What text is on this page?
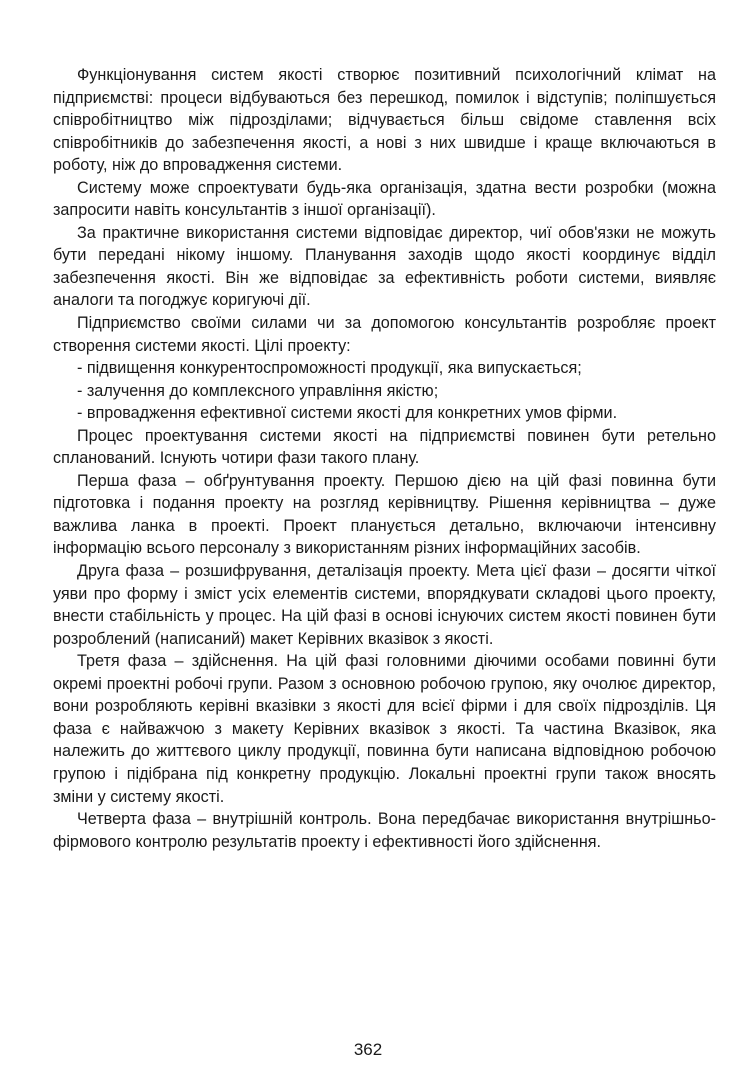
Функціонування систем якості створює позитивний психологічний клімат на підприємстві: процеси відбуваються без перешкод, помилок і відступів; поліпшується співробітництво між підрозділами; відчувається більш свідоме ставлення всіх співробітників до забезпечення якості, а нові з них швидше і краще включаються в роботу, ніж до впровадження системи.

Систему може спроектувати будь-яка організація, здатна вести розробки (можна запросити навіть консультантів з іншої організації).

За практичне використання системи відповідає директор, чиї обов'язки не можуть бути передані нікому іншому. Планування заходів щодо якості координує відділ забезпечення якості. Він же відповідає за ефективність роботи системи, виявляє аналоги та погоджує коригуючі дії.

Підприємство своїми силами чи за допомогою консультантів розробляє проект створення системи якості. Цілі проекту:

- підвищення конкурентоспроможності продукції, яка випускається;

- залучення до комплексного управління якістю;

- впровадження ефективної системи якості для конкретних умов фірми.

Процес проектування системи якості на підприємстві повинен бути ретельно спланований. Існують чотири фази такого плану.

Перша фаза – обґрунтування проекту. Першою дією на цій фазі повинна бути підготовка і подання проекту на розгляд керівництву. Рішення керівництва – дуже важлива ланка в проекті. Проект планується детально, включаючи інтенсивну інформацію всього персоналу з використанням різних інформаційних засобів.

Друга фаза – розшифрування, деталізація проекту. Мета цієї фази – досягти чіткої уяви про форму і зміст усіх елементів системи, впорядкувати складові цього проекту, внести стабільність у процес. На цій фазі в основі існуючих систем якості повинен бути розроблений (написаний) макет Керівних вказівок з якості.

Третя фаза – здійснення. На цій фазі головними діючими особами повинні бути окремі проектні робочі групи. Разом з основною робочою групою, яку очолює директор, вони розробляють керівні вказівки з якості для всієї фірми і для своїх підрозділів. Ця фаза є найважчою з макету Керівних вказівок з якості. Та частина Вказівок, яка належить до життєвого циклу продукції, повинна бути написана відповідною робочою групою і підібрана під конкретну продукцію. Локальні проектні групи також вносять зміни у систему якості.

Четверта фаза – внутрішній контроль. Вона передбачає використання внутрішньо-фірмового контролю результатів проекту і ефективності його здійснення.

362
